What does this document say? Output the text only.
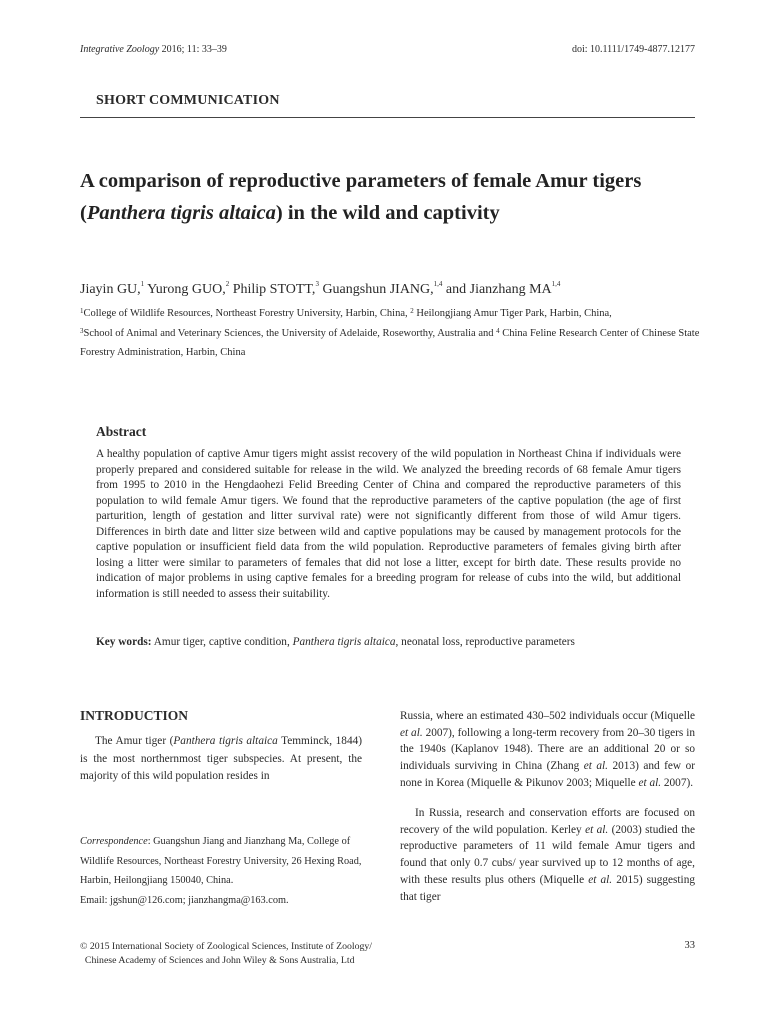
Integrative Zoology 2016; 11: 33–39	doi: 10.1111/1749-4877.12177
SHORT COMMUNICATION
A comparison of reproductive parameters of female Amur tigers (Panthera tigris altaica) in the wild and captivity
Jiayin GU,$^1$ Yurong GUO,$^2$ Philip STOTT,$^3$ Guangshun JIANG,$^{1,4}$ and Jianzhang MA$^{1,4}$
$^1$College of Wildlife Resources, Northeast Forestry University, Harbin, China, $^2$ Heilongjiang Amur Tiger Park, Harbin, China,
$^3$School of Animal and Veterinary Sciences, the University of Adelaide, Roseworthy, Australia and $^4$ China Feline Research Center of Chinese State Forestry Administration, Harbin, China
Abstract
A healthy population of captive Amur tigers might assist recovery of the wild population in Northeast China if individuals were properly prepared and considered suitable for release in the wild. We analyzed the breeding records of 68 female Amur tigers from 1995 to 2010 in the Hengdaohezi Felid Breeding Center of China and compared the reproductive parameters of this population to wild female Amur tigers. We found that the reproductive parameters of the captive population (the age of first parturition, length of gestation and litter survival rate) were not significantly different from those of wild Amur tigers. Differences in birth date and litter size between wild and captive populations may be caused by management protocols for the captive population or insufficient field data from the wild population. Reproductive parameters of females giving birth after losing a litter were similar to parameters of females that did not lose a litter, except for birth date. These results provide no indication of major problems in using captive females for a breeding program for release of cubs into the wild, but additional information is still needed to assess their suitability.
Key words: Amur tiger, captive condition, Panthera tigris altaica, neonatal loss, reproductive parameters
INTRODUCTION

The Amur tiger (Panthera tigris altaica Temminck, 1844) is the most northernmost tiger subspecies. At present, the majority of this wild population resides in

Correspondence: Guangshun Jiang and Jianzhang Ma, College of Wildlife Resources, Northeast Forestry University, 26 Hexing Road, Harbin, Heilongjiang 150040, China.
Email: jgshun@126.com; jianzhangma@163.com.

Russia, where an estimated 430–502 individuals occur (Miquelle et al. 2007), following a long-term recovery from 20–30 tigers in the 1940s (Kaplanov 1948). There are an additional 20 or so individuals surviving in China (Zhang et al. 2013) and few or none in Korea (Miquelle & Pikunov 2003; Miquelle et al. 2007).

In Russia, research and conservation efforts are focused on recovery of the wild population. Kerley et al. (2003) studied the reproductive parameters of 11 wild female Amur tigers and found that only 0.7 cubs/ year survived up to 12 months of age, with these results plus others (Miquelle et al. 2015) suggesting that tiger

© 2015 International Society of Zoological Sciences, Institute of Zoology/
Chinese Academy of Sciences and John Wiley & Sons Australia, Ltd
33
